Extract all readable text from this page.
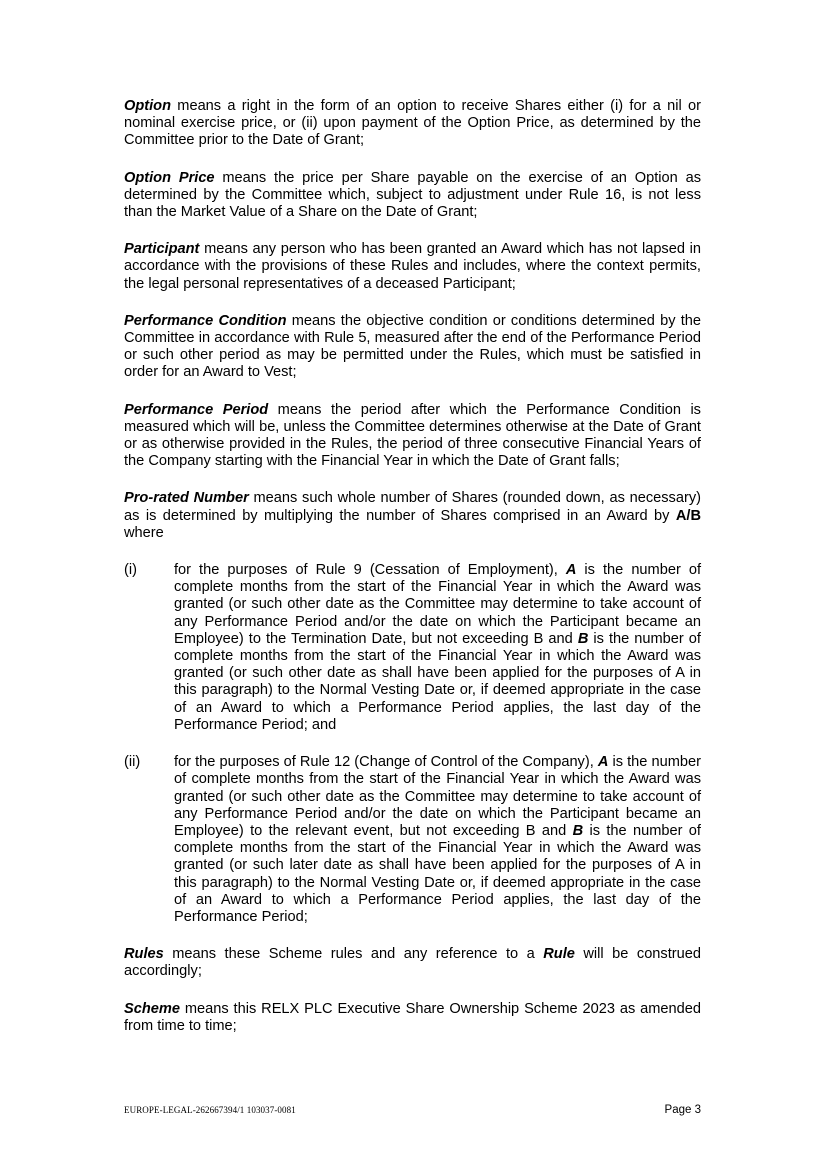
Option means a right in the form of an option to receive Shares either (i) for a nil or nominal exercise price, or (ii) upon payment of the Option Price, as determined by the Committee prior to the Date of Grant;

Option Price means the price per Share payable on the exercise of an Option as determined by the Committee which, subject to adjustment under Rule 16, is not less than the Market Value of a Share on the Date of Grant;

Participant means any person who has been granted an Award which has not lapsed in accordance with the provisions of these Rules and includes, where the context permits, the legal personal representatives of a deceased Participant;

Performance Condition means the objective condition or conditions determined by the Committee in accordance with Rule 5, measured after the end of the Performance Period or such other period as may be permitted under the Rules, which must be satisfied in order for an Award to Vest;

Performance Period means the period after which the Performance Condition is measured which will be, unless the Committee determines otherwise at the Date of Grant or as otherwise provided in the Rules, the period of three consecutive Financial Years of the Company starting with the Financial Year in which the Date of Grant falls;

Pro-rated Number means such whole number of Shares (rounded down, as necessary) as is determined by multiplying the number of Shares comprised in an Award by A/B where

(i)	for the purposes of Rule 9 (Cessation of Employment), A is the number of complete months from the start of the Financial Year in which the Award was granted (or such other date as the Committee may determine to take account of any Performance Period and/or the date on which the Participant became an Employee) to the Termination Date, but not exceeding B and B is the number of complete months from the start of the Financial Year in which the Award was granted (or such other date as shall have been applied for the purposes of A in this paragraph) to the Normal Vesting Date or, if deemed appropriate in the case of an Award to which a Performance Period applies, the last day of the Performance Period; and
(ii)	for the purposes of Rule 12 (Change of Control of the Company), A is the number of complete months from the start of the Financial Year in which the Award was granted (or such other date as the Committee may determine to take account of any Performance Period and/or the date on which the Participant became an Employee) to the relevant event, but not exceeding B and B is the number of complete months from the start of the Financial Year in which the Award was granted (or such later date as shall have been applied for the purposes of A in this paragraph) to the Normal Vesting Date or, if deemed appropriate in the case of an Award to which a Performance Period applies, the last day of the Performance Period;

Rules means these Scheme rules and any reference to a Rule will be construed accordingly;

Scheme means this RELX PLC Executive Share Ownership Scheme 2023 as amended from time to time;

EUROPE-LEGAL-262667394/1 103037-0081	Page 3
